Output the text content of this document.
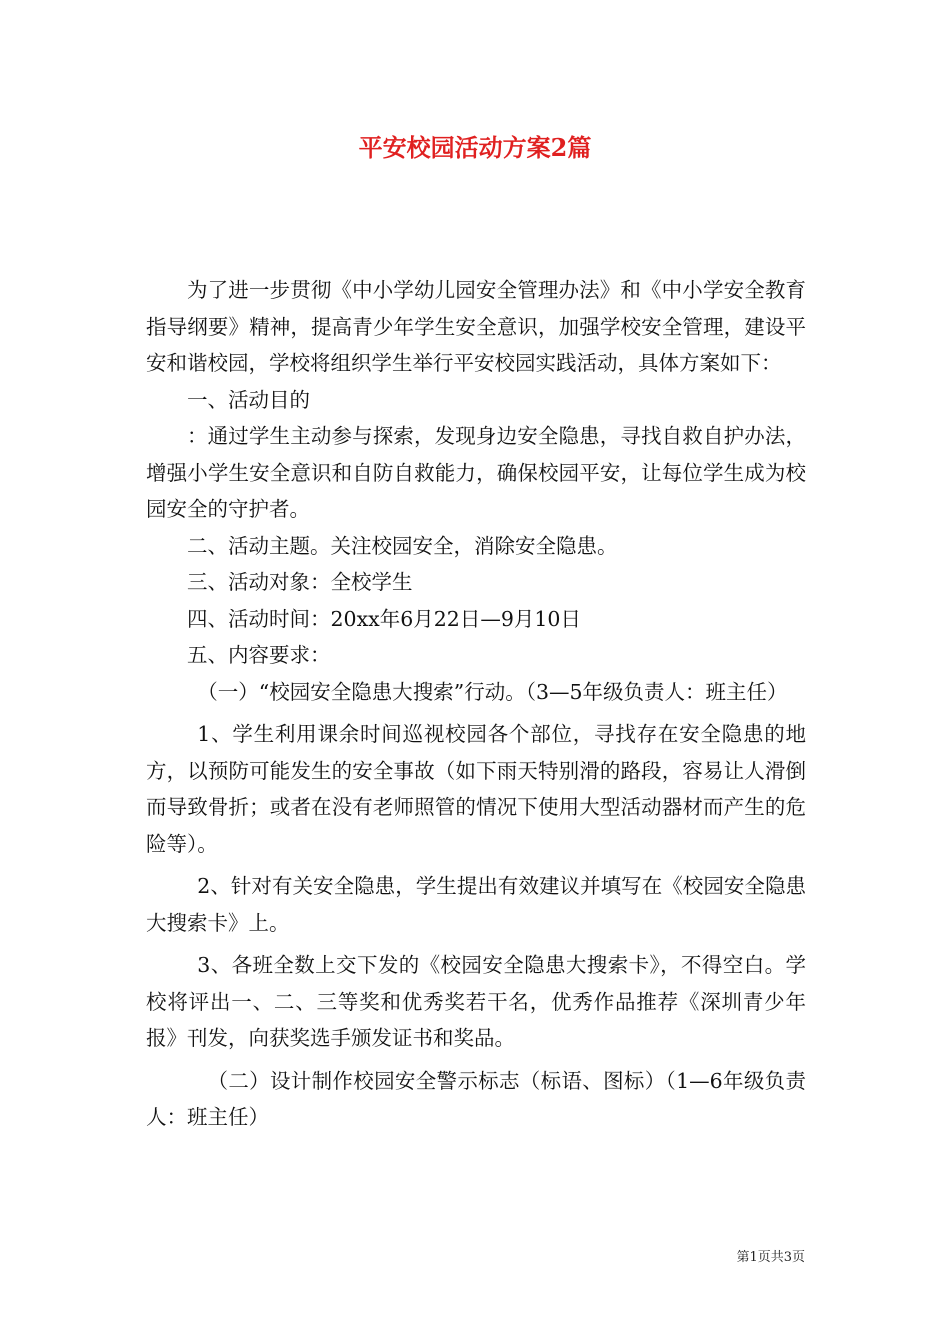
平安校园活动方案2篇

为了进一步贯彻《中小学幼儿园安全管理办法》和《中小学安全教育指导纲要》精神，提高青少年学生安全意识，加强学校安全管理，建设平安和谐校园，学校将组织学生举行平安校园实践活动，具体方案如下：

一、活动目的

：通过学生主动参与探索，发现身边安全隐患，寻找自救自护办法，增强小学生安全意识和自防自救能力，确保校园平安，让每位学生成为校园安全的守护者。

二、活动主题。关注校园安全，消除安全隐患。

三、活动对象：全校学生

四、活动时间：20xx年6月22日—9月10日

五、内容要求：

（一）“校园安全隐患大搜索”行动。（3—5年级负责人：班主任）

1、学生利用课余时间巡视校园各个部位，寻找存在安全隐患的地方，以预防可能发生的安全事故（如下雨天特别滑的路段，容易让人滑倒而导致骨折；或者在没有老师照管的情况下使用大型活动器材而产生的危险等）。

2、针对有关安全隐患，学生提出有效建议并填写在《校园安全隐患大搜索卡》上。

3、各班全数上交下发的《校园安全隐患大搜索卡》，不得空白。学校将评出一、二、三等奖和优秀奖若干名，优秀作品推荐《深圳青少年报》刊发，向获奖选手颁发证书和奖品。

（二）设计制作校园安全警示标志（标语、图标）（1—6年级负责人：班主任）

第1页共3页
